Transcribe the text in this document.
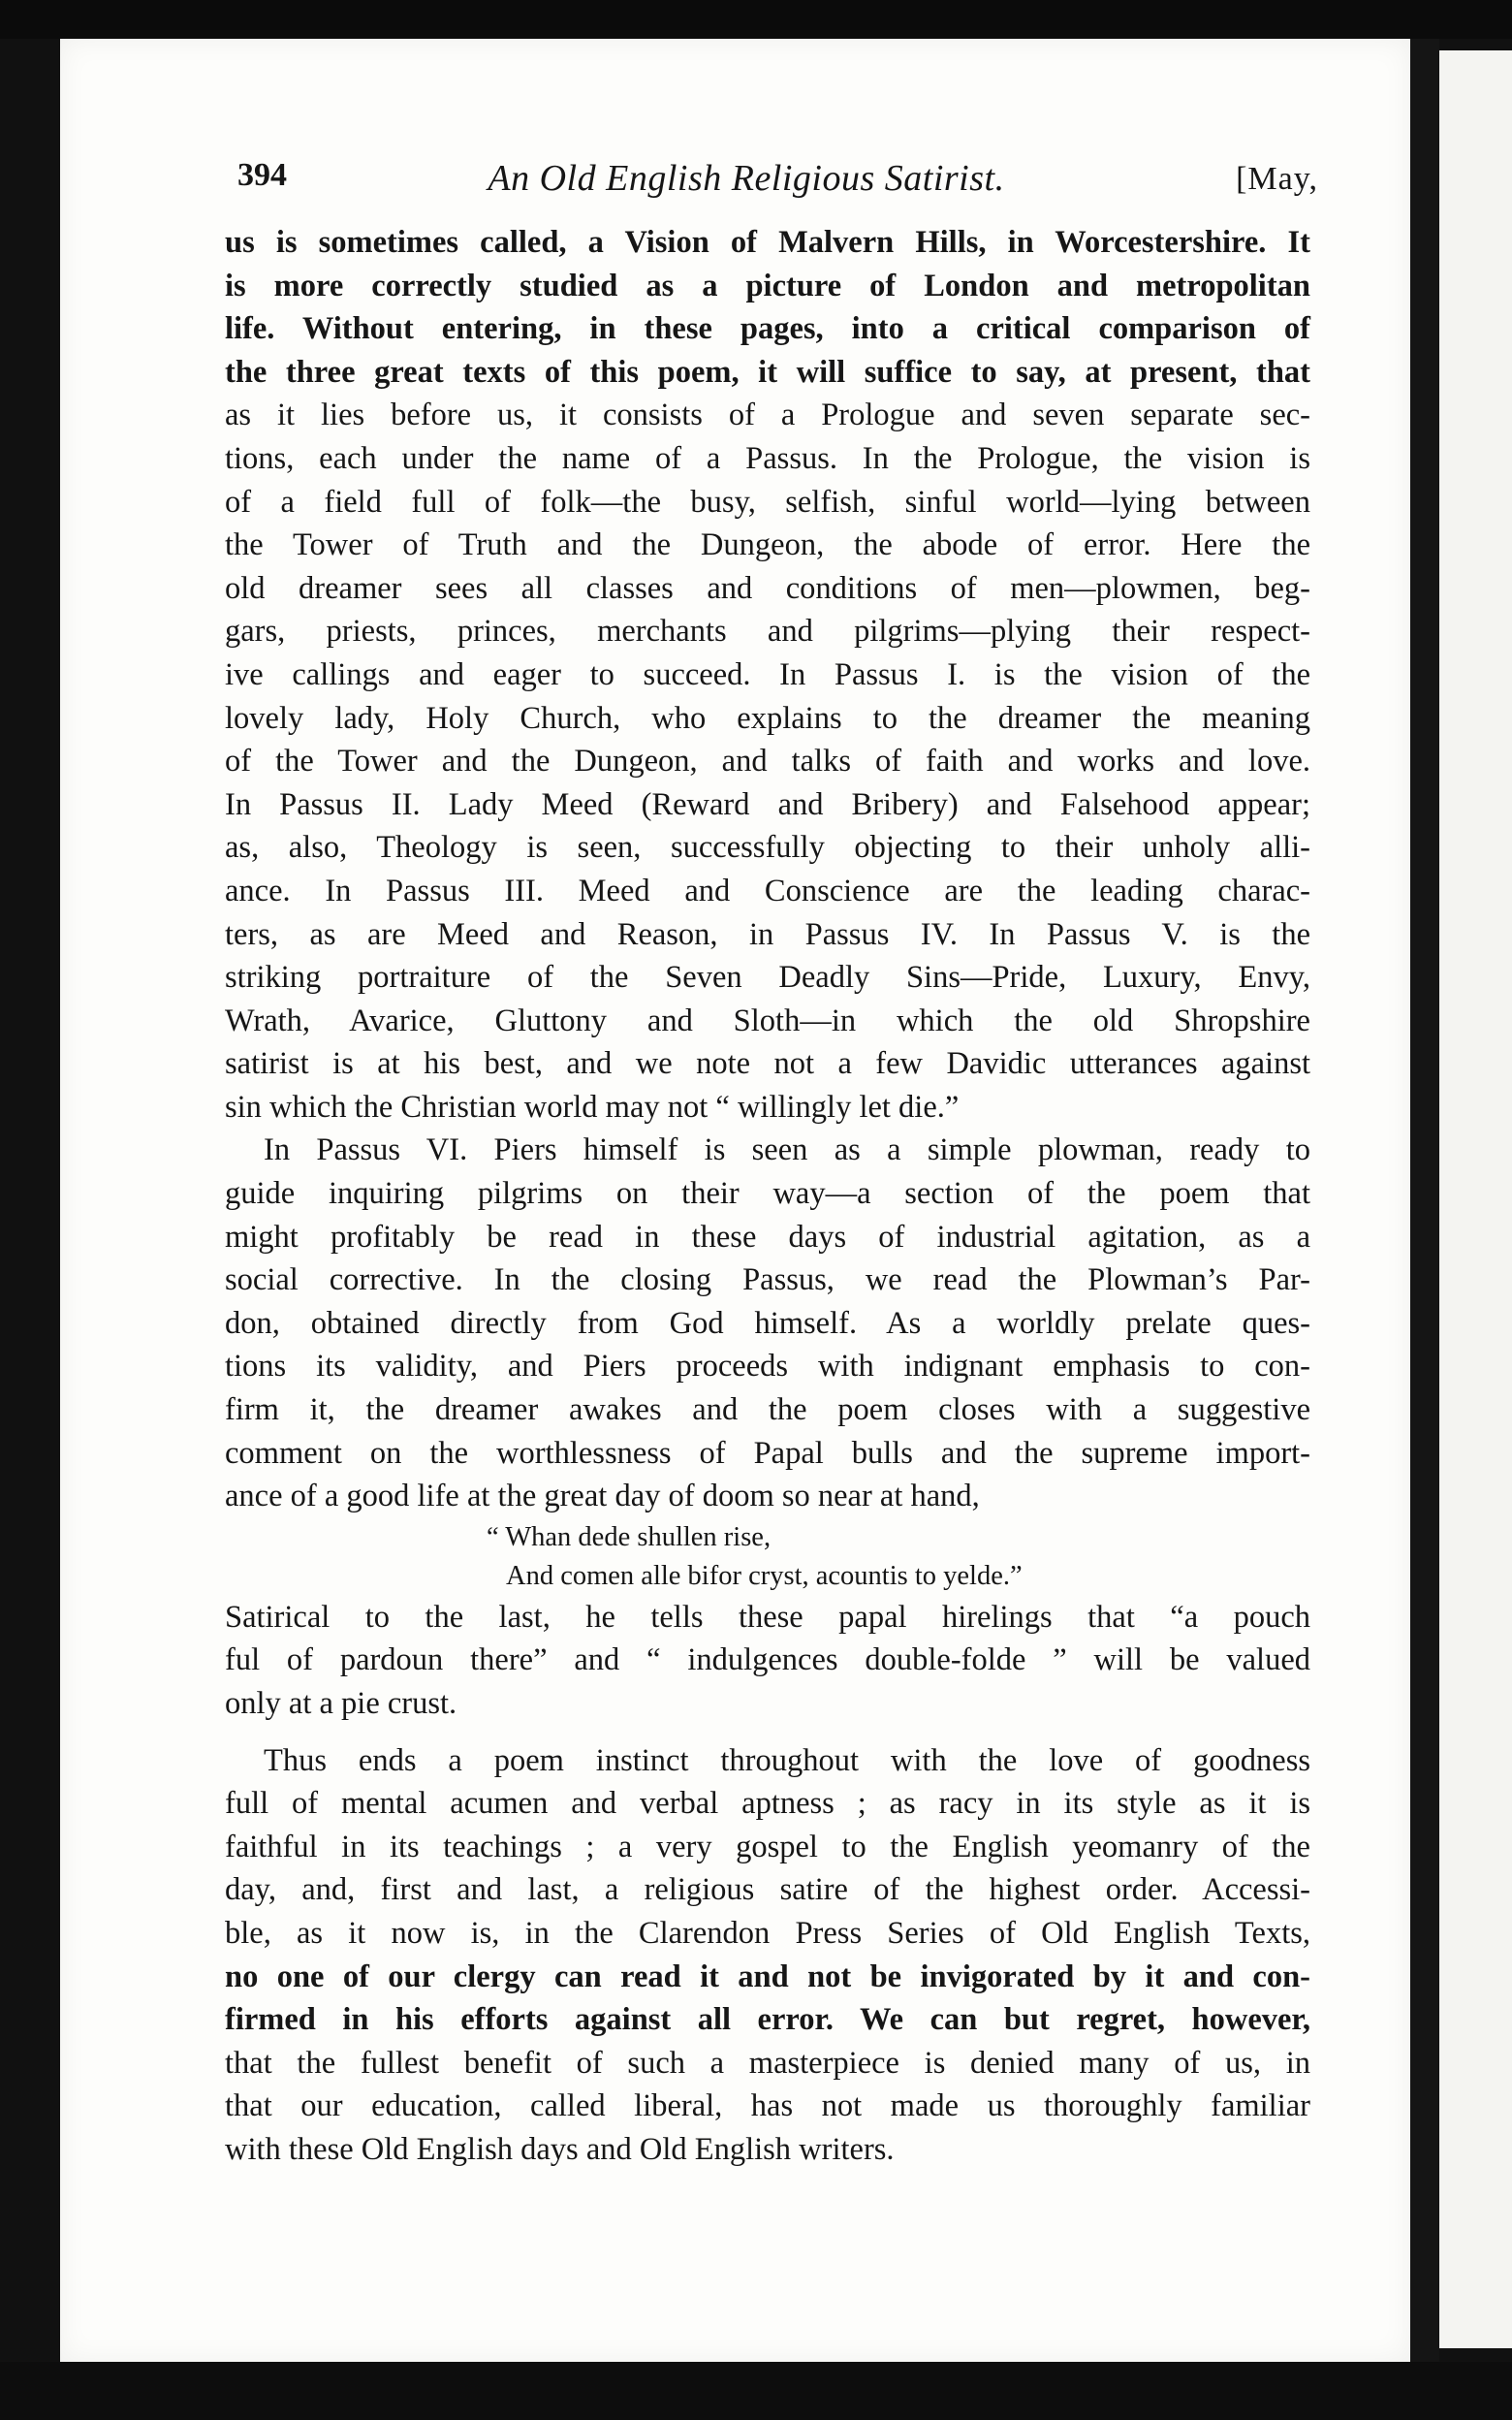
394	An Old English Religious Satirist.	[May,
us is sometimes called, a Vision of Malvern Hills, in Worcestershire. It
is more correctly studied as a picture of London and metropolitan
life. Without entering, in these pages, into a critical comparison of
the three great texts of this poem, it will suffice to say, at present, that
as it lies before us, it consists of a Prologue and seven separate sec-
tions, each under the name of a Passus. In the Prologue, the vision is
of a field full of folk—the busy, selfish, sinful world—lying between
the Tower of Truth and the Dungeon, the abode of error. Here the
old dreamer sees all classes and conditions of men—plowmen, beg-
gars, priests, princes, merchants and pilgrims—plying their respect-
ive callings and eager to succeed. In Passus I. is the vision of the
lovely lady, Holy Church, who explains to the dreamer the meaning
of the Tower and the Dungeon, and talks of faith and works and love.
In Passus II. Lady Meed (Reward and Bribery) and Falsehood appear;
as, also, Theology is seen, successfully objecting to their unholy alli-
ance. In Passus III. Meed and Conscience are the leading charac-
ters, as are Meed and Reason, in Passus IV. In Passus V. is the
striking portraiture of the Seven Deadly Sins—Pride, Luxury, Envy,
Wrath, Avarice, Gluttony and Sloth—in which the old Shropshire
satirist is at his best, and we note not a few Davidic utterances against
sin which the Christian world may not “ willingly let die.”
In Passus VI. Piers himself is seen as a simple plowman, ready to
guide inquiring pilgrims on their way—a section of the poem that
might profitably be read in these days of industrial agitation, as a
social corrective. In the closing Passus, we read the Plowman’s Par-
don, obtained directly from God himself. As a worldly prelate ques-
tions its validity, and Piers proceeds with indignant emphasis to con-
firm it, the dreamer awakes and the poem closes with a suggestive
comment on the worthlessness of Papal bulls and the supreme import-
ance of a good life at the great day of doom so near at hand,
“ Whan dede shullen rise,
And comen alle bifor cryst, acountis to yelde.”
Satirical to the last, he tells these papal hirelings that “a pouch
ful of pardoun there” and “ indulgences double-folde ” will be valued
only at a pie crust.
Thus ends a poem instinct throughout with the love of goodness
full of mental acumen and verbal aptness ; as racy in its style as it is
faithful in its teachings ; a very gospel to the English yeomanry of the
day, and, first and last, a religious satire of the highest order. Accessi-
ble, as it now is, in the Clarendon Press Series of Old English Texts,
no one of our clergy can read it and not be invigorated by it and con-
firmed in his efforts against all error. We can but regret, however,
that the fullest benefit of such a masterpiece is denied many of us, in
that our education, called liberal, has not made us thoroughly familiar
with these Old English days and Old English writers.
